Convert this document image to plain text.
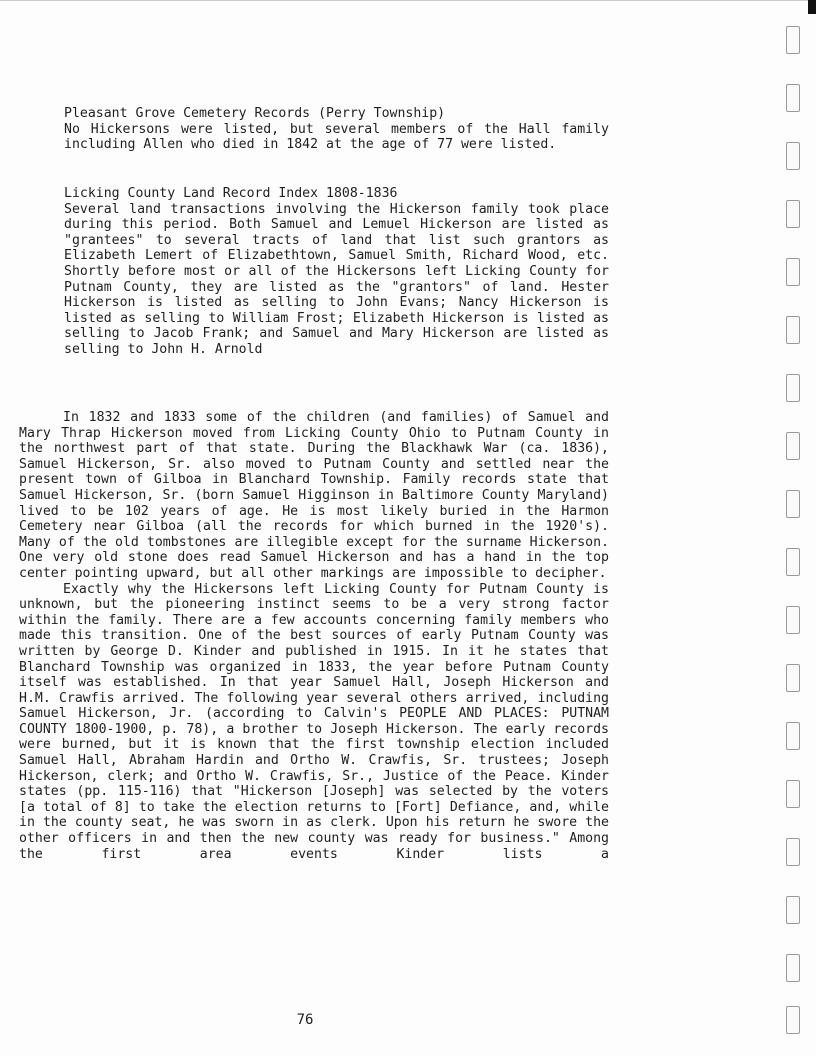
Pleasant Grove Cemetery Records (Perry Township)

No Hickersons were listed, but several members of the Hall family including Allen who died in 1842 at the age of 77 were listed.

Licking County Land Record Index 1808-1836

Several land transactions involving the Hickerson family took place during this period. Both Samuel and Lemuel Hickerson are listed as "grantees" to several tracts of land that list such grantors as Elizabeth Lemert of Elizabethtown, Samuel Smith, Richard Wood, etc. Shortly before most or all of the Hickersons left Licking County for Putnam County, they are listed as the "grantors" of land. Hester Hickerson is listed as selling to John Evans; Nancy Hickerson is listed as selling to William Frost; Elizabeth Hickerson is listed as selling to Jacob Frank; and Samuel and Mary Hickerson are listed as selling to John H. Arnold

In 1832 and 1833 some of the children (and families) of Samuel and Mary Thrap Hickerson moved from Licking County Ohio to Putnam County in the northwest part of that state. During the Blackhawk War (ca. 1836), Samuel Hickerson, Sr. also moved to Putnam County and settled near the present town of Gilboa in Blanchard Township. Family records state that Samuel Hickerson, Sr. (born Samuel Higginson in Baltimore County Maryland) lived to be 102 years of age. He is most likely buried in the Harmon Cemetery near Gilboa (all the records for which burned in the 1920's). Many of the old tombstones are illegible except for the surname Hickerson. One very old stone does read Samuel Hickerson and has a hand in the top center pointing upward, but all other markings are impossible to decipher.

Exactly why the Hickersons left Licking County for Putnam County is unknown, but the pioneering instinct seems to be a very strong factor within the family. There are a few accounts concerning family members who made this transition. One of the best sources of early Putnam County was written by George D. Kinder and published in 1915. In it he states that Blanchard Township was organized in 1833, the year before Putnam County itself was established. In that year Samuel Hall, Joseph Hickerson and H.M. Crawfis arrived. The following year several others arrived, including Samuel Hickerson, Jr. (according to Calvin's PEOPLE AND PLACES: PUTNAM COUNTY 1800-1900, p. 78), a brother to Joseph Hickerson. The early records were burned, but it is known that the first township election included Samuel Hall, Abraham Hardin and Ortho W. Crawfis, Sr. trustees; Joseph Hickerson, clerk; and Ortho W. Crawfis, Sr., Justice of the Peace. Kinder states (pp. 115-116) that "Hickerson [Joseph] was selected by the voters [a total of 8] to take the election returns to [Fort] Defiance, and, while in the county seat, he was sworn in as clerk. Upon his return he swore the other officers in and then the new county was ready for business." Among the first area events Kinder lists a

76
